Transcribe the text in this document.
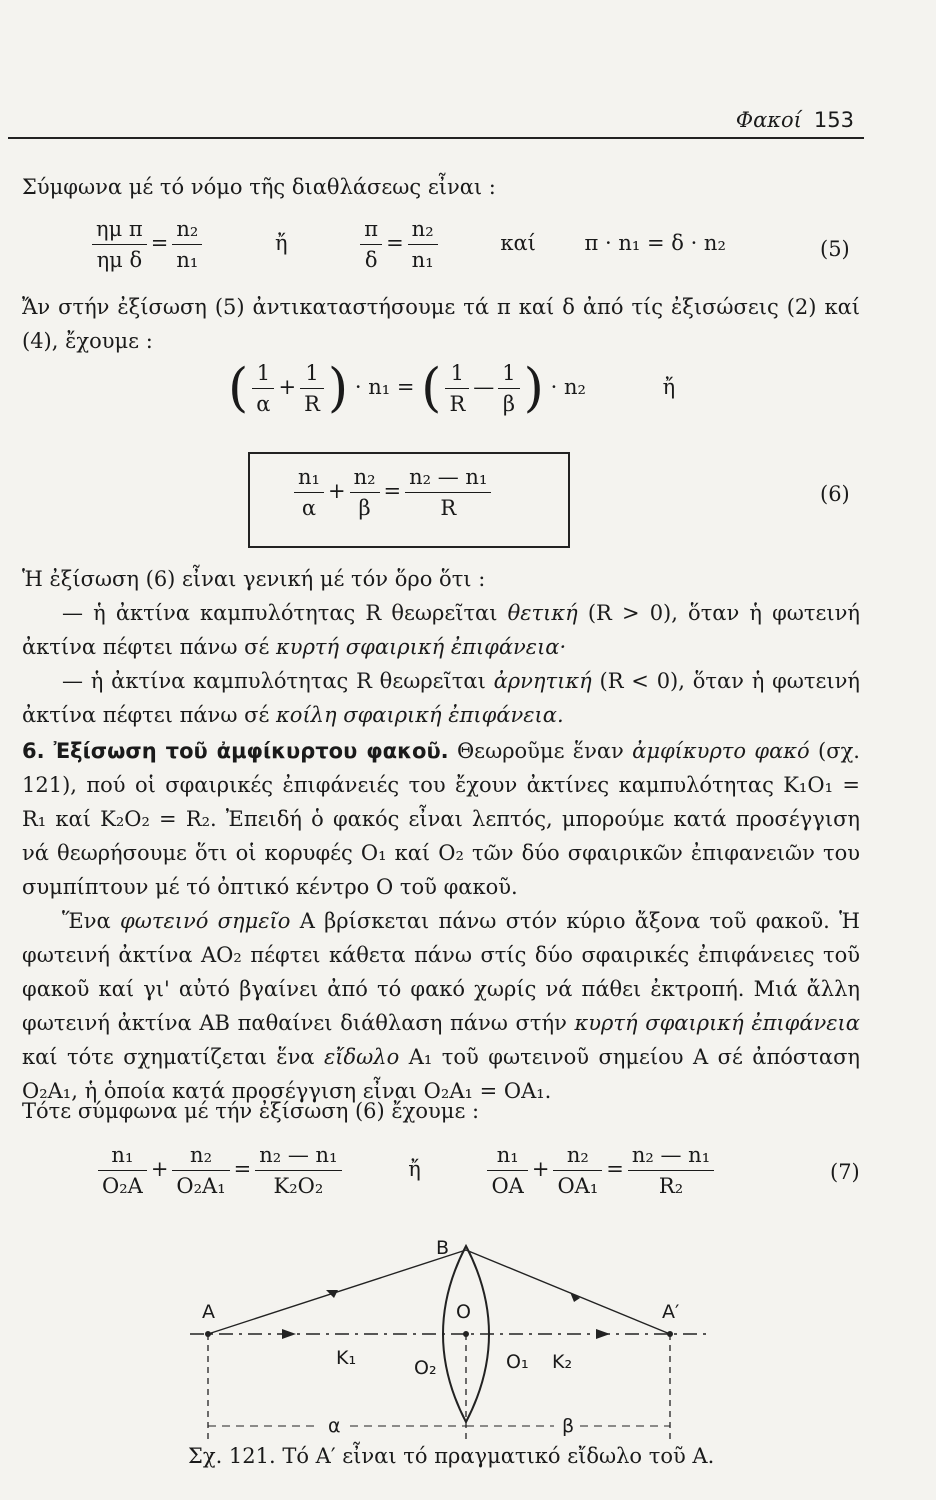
Φακοί 153
Σύμφωνα μέ τό νόμο τῆς διαθλάσεως εἶναι :
$\frac{\text{ημ π}}{\text{ημ δ}} = \frac{\text{n₂}}{\text{n₁}}$	ἤ	$\frac{\pi}{\delta} = \frac{\text{n₂}}{\text{n₁}}$	καί π · n₁ = δ · n₂	(5)
Ἄν στήν ἐξίσωση (5) ἀντικαταστήσουμε τά π καί δ ἀπό τίς ἐξισώσεις (2) καί (4), ἔχουμε :
( $\frac{1}{\alpha} + \frac{1}{R}$ ) · n₁ = ( $\frac{1}{R}$ — $\frac{1}{\beta}$ ) · n₂	ἤ
$\frac{\text{n₁}}{\alpha} + \frac{\text{n₂}}{\beta} = \frac{\text{n₂ — n₁}}{R}$	(6)
Ἡ ἐξίσωση (6) εἶναι γενική μέ τόν ὅρο ὅτι :
— ἡ ἀκτίνα καμπυλότητας R θεωρεῖται θετική (R > 0), ὅταν ἡ φωτεινή ἀκτίνα πέφτει πάνω σέ κυρτή σφαιρική ἐπιφάνεια·
— ἡ ἀκτίνα καμπυλότητας R θεωρεῖται ἀρνητική (R < 0), ὅταν ἡ φωτεινή ἀκτίνα πέφτει πάνω σέ κοίλη σφαιρική ἐπιφάνεια.
6. Ἐξίσωση τοῦ ἀμφίκυρτου φακοῦ. Θεωροῦμε ἕναν ἀμφίκυρτο φακό (σχ. 121), πού οἱ σφαιρικές ἐπιφάνειές του ἔχουν ἀκτίνες καμπυλότητας K₁O₁ = R₁ καί K₂O₂ = R₂. Ἐπειδή ὁ φακός εἶναι λεπτός, μπορούμε κατά προσέγγιση νά θεωρήσουμε ὅτι οἱ κορυφές O₁ καί O₂ τῶν δύο σφαιρικῶν ἐπιφανειῶν του συμπίπτουν μέ τό ὀπτικό κέντρο O τοῦ φακοῦ.
Ἕνα φωτεινό σημεῖο A βρίσκεται πάνω στόν κύριο ἄξονα τοῦ φακοῦ. Ἡ φωτεινή ἀκτίνα AO₂ πέφτει κάθετα πάνω στίς δύο σφαιρικές ἐπιφάνειες τοῦ φακοῦ καί γι' αὐτό βγαίνει ἀπό τό φακό χωρίς νά πάθει ἐκτροπή. Μιά ἄλλη φωτεινή ἀκτίνα AB παθαίνει διάθλαση πάνω στήν κυρτή σφαιρική ἐπιφάνεια καί τότε σχηματίζεται ἕνα εἴδωλο A₁ τοῦ φωτεινοῦ σημείου A σέ ἀπόσταση O₂A₁, ἡ ὁποία κατά προσέγγιση εἶναι O₂A₁ = OA₁.
Τότε σύμφωνα μέ τήν ἐξίσωση (6) ἔχουμε :
$\frac{\text{n₁}}{\text{O₂A}} + \frac{\text{n₂}}{\text{O₂A₁}} = \frac{\text{n₂ — n₁}}{\text{K₂O₂}}$	ἤ	$\frac{\text{n₁}}{OA} + \frac{\text{n₂}}{\text{OA₁}} = \frac{\text{n₂ — n₁}}{\text{R₂}}$	(7)
A	A′
B
O
K₁	O₂	O₁ K₂
α	β
Σχ. 121. Τό A′ εἶναι τό πραγματικό εἴδωλο τοῦ A.
